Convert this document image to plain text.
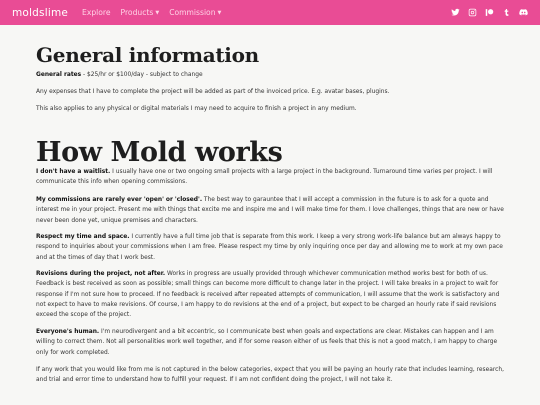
moldslime Explore Products ▼ Commission ▼
General information

General rates - $25/hr or $100/day - subject to change

Any expenses that I have to complete the project will be added as part of the invoiced price. E.g. avatar bases, plugins.

This also applies to any physical or digital materials I may need to acquire to finish a project in any medium.

How Mold works

I don't have a waitlist. I usually have one or two ongoing small projects with a large project in the background. Turnaround time varies per project. I will communicate this info when opening commissions.

My commissions are rarely ever 'open' or 'closed'. The best way to garauntee that I will accept a commission in the future is to ask for a quote and interest me in your project. Present me with things that excite me and inspire me and I will make time for them. I love challenges, things that are new or have never been done yet, unique premises and characters.

Respect my time and space. I currently have a full time job that is separate from this work. I keep a very strong work-life balance but am always happy to respond to inquiries about your commissions when I am free. Please respect my time by only inquiring once per day and allowing me to work at my own pace and at the times of day that I work best.

Revisions during the project, not after. Works in progress are usually provided through whichever communication method works best for both of us. Feedback is best received as soon as possible; small things can become more difficult to change later in the project. I will take breaks in a project to wait for response if I'm not sure how to proceed. If no feedback is received after repeated attempts of communication, I will assume that the work is satisfactory and not expect to have to make revisions. Of course, I am happy to do revisions at the end of a project, but expect to be charged an hourly rate if said revisions exceed the scope of the project.

Everyone's human. I'm neurodivergent and a bit eccentric, so I communicate best when goals and expectations are clear. Mistakes can happen and I am willing to correct them. Not all personalities work well together, and if for some reason either of us feels that this is not a good match, I am happy to charge only for work completed.

If any work that you would like from me is not captured in the below categories, expect that you will be paying an hourly rate that includes learning, research, and trial and error time to understand how to fulfill your request. If I am not confident doing the project, I will not take it.
